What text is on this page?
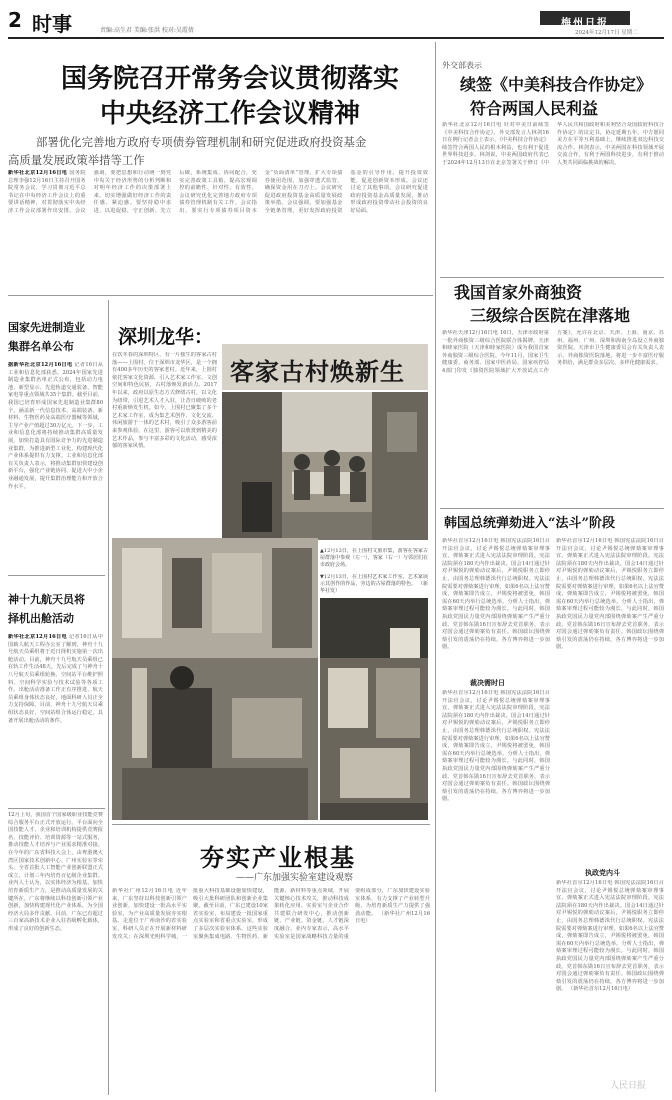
2 时事	责编:高生君 美编:张洪 校对:吴霞倩
梅州日报
2024年12月17日 星期二
国务院召开常务会议贯彻落实
中央经济工作会议精神
部署优化完善地方政府专项债券管理机制和研究促进政府投资基金
高质量发展政策举措等工作
新华社北京12月16日电 国务院总理李强12月16日主持召开国务院常务会议，学习贯彻习近平总书记在中央经济工作会议上的重要讲话精神，对贯彻落实中央经济工作会议部署作出安排。会议强调，要把思想和行动统一到党中央关于经济形势的分析判断和对明年经济工作的决策部署上来，切实增强做好经济工作的责任感、紧迫感。要坚持稳中求进、以进促稳，守正创新、先立后破，系统集成、协同配合，充实完善政策工具箱，提高宏观调控的前瞻性、针对性、有效性。会议研究优化完善地方政府专项债券管理机制有关工作。会议指出，要实行专项债券项目资本金“负面清单”管理，扩大专项债券使用范围，加强穿透式监管，确保资金用在刀刃上。会议研究促进政府投资基金高质量发展政策举措。会议强调，要加强基金全链条管理，更好发挥政府投资基金的引导作用，提升投资效能，促进创新资本形成。会议还讨论了其他事项。会议研究促进政府投资基金高质量发展，推动形成政府投资带动社会投资的良好局面。
国家先进制造业
集群名单公布
据新华社北京12月16日电 记者16日从工业和信息化部获悉，2024年国家先进制造业集群名单正式公布，包括动力电池、新型显示、先进轨道交通装备、智能家电等重点领域共35个集群。截至目前，我国已培育形成国家先进制造业集群80个，涵盖新一代信息技术、高端装备、新材料、生物医药及高端医疗器械等领域，主导产业产值超过30万亿元。下一步，工业和信息化部将持续推动集群高质量发展，加快打造具有国际竞争力的先进制造业集群，为推进新型工业化、构建现代化产业体系提供有力支撑。工业和信息化部有关负责人表示，将推动集群加快建设创新平台，强化产业链协同，促进大中小企业融通发展，提升集群治理能力和开放合作水平。
神十九航天员将
择机出舱活动
新华社北京12月16日电 记者16日从中国载人航天工程办公室了解到，神舟十九号航天员乘组将于近日择机实施第一次出舱活动。目前，神舟十九号航天员乘组已在轨工作生活48天，先后完成了与神舟十八号航天员乘组轮换、空间站平台维护照料、空间科学实验与技术试验等各项工作。出舱活动准备工作正有序推进，航天员乘组身体状态良好，地面科研人员正全力支持保障。目前，神舟十九号航天员乘组状态良好，空间站组合体运行稳定，具备开展出舱活动的条件。
12月上旬，我国首个国家级职业技能竞赛综合服务平台正式开放运行。平台面向全国技能人才、企业和培训机构提供竞赛报名、技能评价、培训资源等一站式服务，推动技能人才培养与产业需求精准对接。在今年的广东省科技大会上，由粤港澳大湾区国家技术创新中心、广州实验室等牵头，全省首批人工智能产业创新联盟正式成立，计划三年内培育百亿级企业集群。业内人士认为，以实体经济为根基，加快培育新质生产力，是推动高质量发展的关键所在。广东将继续以科技创新引领产业创新，加快构建现代化产业体系，为全国经济大局多作贡献。目前，广东已有超过三百家高新技术企业入驻省级孵化载体，形成了良好的创新生态。
深圳龙华：
客家古村焕新生
在饮冬春的深圳特区，有一片独生的客家古村落——上围村。位于深圳市龙华区，是一个拥有400多年历史的客家老村。近年来，上围村依托客家文化资源，引入艺术家工作室、文创空间和特色民宿，古村落焕发新活力。2017年以来，政府以原生态方式修缮古村，以文化为纽带，引进艺术人才入驻，让昔日破败的老村重新焕发生机。如今，上围村已聚集了多个艺术家工作室，成为集艺术创作、文化交流、休闲旅游于一体的艺术村，吸引了众多游客前来参观体验。在这里，游客可以欣赏到精美的艺术作品，参与丰富多彩的文化活动，感受浓郁的客家风情。
▲12月13日，在上围村文旅市集，游客在客家古屋群落中参观（左一），客家（右一）与邻居们在市政府会场。
▼12月13日，在上围村艺术家工作室，艺术家展示其创作的作品，旁边的古屋群落的特色。 （新华社发）
夯实产业根基
——广东加强实验室建设观察
新华社广州12月16日电 近年来，广东坚持以科技创新引领产业创新，加快建设一批高水平实验室，为产业高质量发展夯实根基。走进位于广州南沙的省实验室，科研人员正在开展新材料研发攻关；在深圳光明科学城，一批重大科技基础设施加快建设，吸引大批科研团队和创新企业集聚。截至目前，广东已建设10家省实验室，布局建设一批国家重点实验室和省重点实验室，形成了多层次实验室体系。这些实验室聚焦集成电路、生物医药、新能源、新材料等重点领域，开展关键核心技术攻关，推动科技成果转化应用。实验室与企业合作共建联合研发中心，推动创新链、产业链、资金链、人才链深度融合。业内专家表示，高水平实验室是国家战略科技力量的重要组成部分，广东加快建设实验室体系，有力支撑了产业转型升级，为培育新质生产力提供了强劲动能。 （新华社广州12月16日电）
外交部表示
续签《中美科技合作协定》
符合两国人民利益
新华社北京12月16日电 针对中美日前续签《中美科技合作协定》，外交部发言人林剑16日在例行记者会上表示，《中美科技合作协定》续签符合两国人民的根本利益，也有利于促进世界科技进步。林剑说，中美两国政府代表已于2024年12月13日在北京签署关于修订《中华人民共和国政府和美利坚合众国政府科技合作协定》的议定书，协定延期五年。中方愿同美方在平等互利基础上，继续推进双边科技交流合作。林剑表示，中美两国在科技领域开展交流合作，有利于两国科技进步，有利于推动人类共同面临挑战的解决。
我国首家外商独资
三级综合医院在津落地
新华社天津12月16日电 16日，天津市政府第一批外商独资三级综合医院联合体揭牌。天津和睦家医院（天津和睦家医院）成为我国首家外商独资三级综合医院。今年11月，国家卫生健康委、商务部、国家中医药局、国家疾控局4部门印发《独资医院领域扩大开放试点工作方案》，允许在北京、天津、上海、南京、苏州、福州、广州、深圳和海南全岛设立外商独资医院。天津市卫生健康委员会有关负责人表示，外商独资医院落地，将进一步丰富医疗服务供给，满足群众多层次、多样化健康需求。
韩国总统弹劾进入“法斗”阶段
新华社首尔12月16日电 韩国宪法法院16日召开法官会议，讨论尹锡悦总统弹劾案审理事宜，弹劾案正式进入宪法法院审理阶段。宪法法院须在180天内作出裁决。国会14日通过针对尹锡悦的弹劾动议案后，尹锡悦职务立即停止，由国务总理韩德洙代行总统职权。宪法法院需要对弹劾案进行审理，如果6名以上法官赞成，弹劾案即告成立，尹锡悦将被罢免，韩国需在60天内举行总统选举。分析人士指出，弹劾案审理过程可能较为漫长。与此同时，韩国执政党国民力量党内部围绕弹劾案产生严重分歧。党首韩东勋16日宣布辞去党首职务，表示对国会通过弹劾案负有责任。韩国政坛围绕弹劾引发的震荡仍在持续，各方博弈将进一步加剧。
裁决需时日
新华社首尔12月16日电 韩国宪法法院16日召开法官会议，讨论尹锡悦总统弹劾案审理事宜，弹劾案正式进入宪法法院审理阶段。宪法法院须在180天内作出裁决。国会14日通过针对尹锡悦的弹劾动议案后，尹锡悦职务立即停止，由国务总理韩德洙代行总统职权。宪法法院需要对弹劾案进行审理，如果6名以上法官赞成，弹劾案即告成立，尹锡悦将被罢免，韩国需在60天内举行总统选举。分析人士指出，弹劾案审理过程可能较为漫长。与此同时，韩国执政党国民力量党内部围绕弹劾案产生严重分歧。党首韩东勋16日宣布辞去党首职务，表示对国会通过弹劾案负有责任。韩国政坛围绕弹劾引发的震荡仍在持续，各方博弈将进一步加剧。
新华社首尔12月16日电 韩国宪法法院16日召开法官会议，讨论尹锡悦总统弹劾案审理事宜，弹劾案正式进入宪法法院审理阶段。宪法法院须在180天内作出裁决。国会14日通过针对尹锡悦的弹劾动议案后，尹锡悦职务立即停止，由国务总理韩德洙代行总统职权。宪法法院需要对弹劾案进行审理，如果6名以上法官赞成，弹劾案即告成立，尹锡悦将被罢免，韩国需在60天内举行总统选举。分析人士指出，弹劾案审理过程可能较为漫长。与此同时，韩国执政党国民力量党内部围绕弹劾案产生严重分歧。党首韩东勋16日宣布辞去党首职务，表示对国会通过弹劾案负有责任。韩国政坛围绕弹劾引发的震荡仍在持续，各方博弈将进一步加剧。
执政党内斗
新华社首尔12月16日电 韩国宪法法院16日召开法官会议，讨论尹锡悦总统弹劾案审理事宜，弹劾案正式进入宪法法院审理阶段。宪法法院须在180天内作出裁决。国会14日通过针对尹锡悦的弹劾动议案后，尹锡悦职务立即停止，由国务总理韩德洙代行总统职权。宪法法院需要对弹劾案进行审理，如果6名以上法官赞成，弹劾案即告成立，尹锡悦将被罢免，韩国需在60天内举行总统选举。分析人士指出，弹劾案审理过程可能较为漫长。与此同时，韩国执政党国民力量党内部围绕弹劾案产生严重分歧。党首韩东勋16日宣布辞去党首职务，表示对国会通过弹劾案负有责任。韩国政坛围绕弹劾引发的震荡仍在持续，各方博弈将进一步加剧。 （新华社首尔12月16日电）
人民日报
